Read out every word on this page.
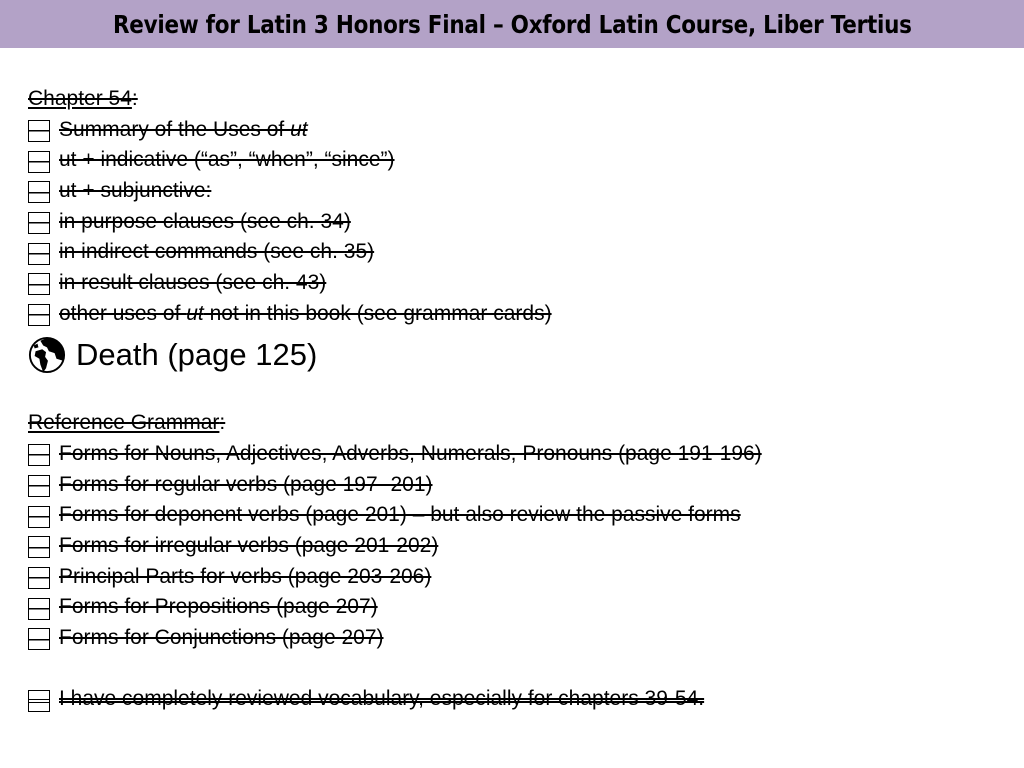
Review for Latin 3 Honors Final – Oxford Latin Course, Liber Tertius
Chapter 54 :
Summary of the Uses of ut
ut + indicative (“as”, “when”, “since”)
ut + subjunctive:
in purpose clauses (see ch. 34)
in indirect commands (see ch. 35)
in result clauses (see ch. 43)
other uses of ut not in this book (see grammar cards)
Death (page 125)
Reference Grammar :
Forms for Nouns, Adjectives, Adverbs, Numerals, Pronouns (page 191-196)
Forms for regular verbs (page 197- 201)
Forms for deponent verbs (page 201) – but also review the passive forms
Forms for irregular verbs (page 201-202)
Principal Parts for verbs (page 203-206)
Forms for Prepositions (page 207)
Forms for Conjunctions (page 207)
I have completely reviewed vocabulary, especially for chapters 39-54.
